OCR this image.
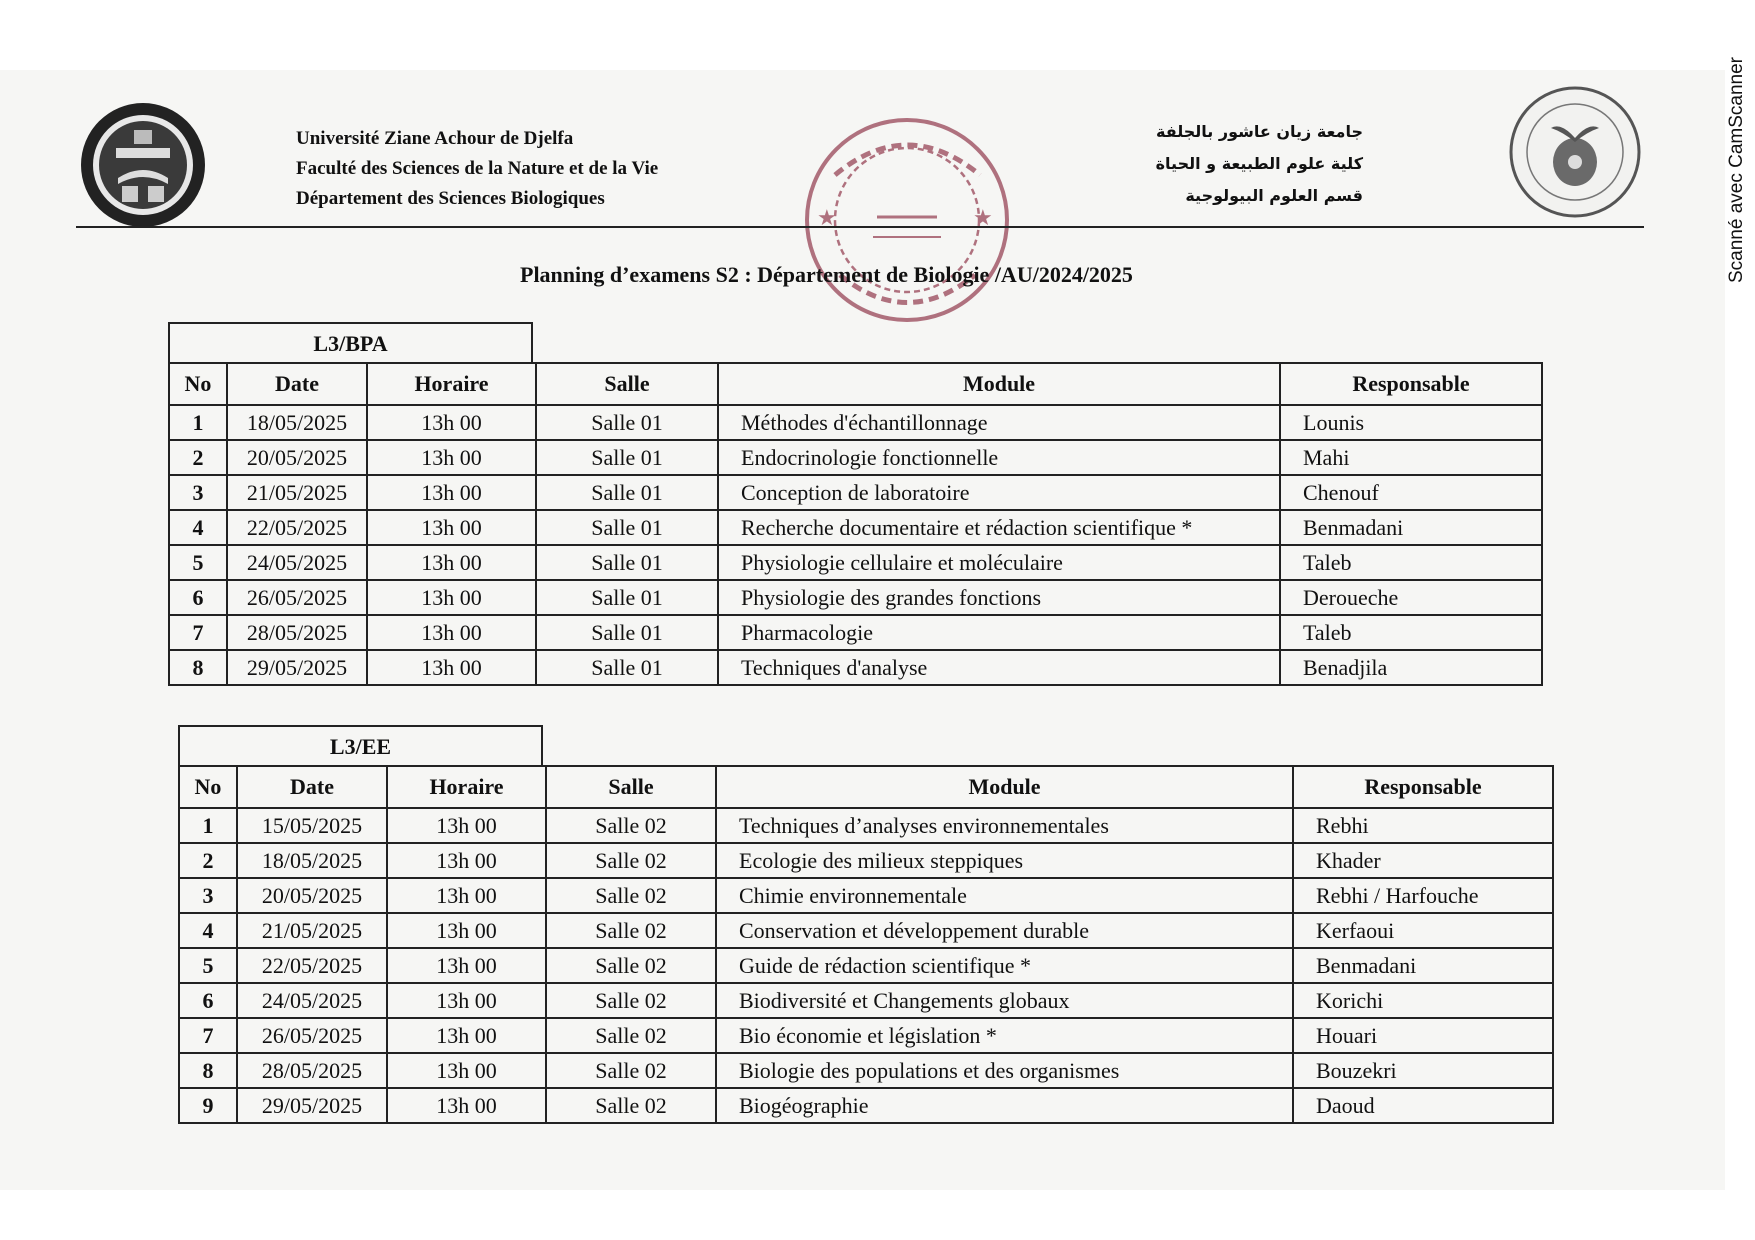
Scanné avec CamScanner
Université Ziane Achour de Djelfa
Faculté des Sciences de la Nature et de la Vie
Département des Sciences Biologiques
★	★
جامعة زيان عاشور بالجلفة
كلية علوم الطبيعة و الحياة
قسم العلوم البيولوجية
Planning d’examens S2 : Département de Biologie /AU/2024/2025
L3/BPA
No	Date	Horaire	Salle	Module	Responsable
1	18/05/2025	13h 00	Salle 01	Méthodes d'échantillonnage	Lounis
2	20/05/2025	13h 00	Salle 01	Endocrinologie fonctionnelle	Mahi
3	21/05/2025	13h 00	Salle 01	Conception de laboratoire	Chenouf
4	22/05/2025	13h 00	Salle 01	Recherche documentaire et rédaction scientifique *	Benmadani
5	24/05/2025	13h 00	Salle 01	Physiologie cellulaire et moléculaire	Taleb
6	26/05/2025	13h 00	Salle 01	Physiologie des grandes fonctions	Deroueche
7	28/05/2025	13h 00	Salle 01	Pharmacologie	Taleb
8	29/05/2025	13h 00	Salle 01	Techniques d'analyse	Benadjila
L3/EE
No	Date	Horaire	Salle	Module	Responsable
1	15/05/2025	13h 00	Salle 02	Techniques d’analyses environnementales	Rebhi
2	18/05/2025	13h 00	Salle 02	Ecologie des milieux steppiques	Khader
3	20/05/2025	13h 00	Salle 02	Chimie environnementale	Rebhi / Harfouche
4	21/05/2025	13h 00	Salle 02	Conservation et développement durable	Kerfaoui
5	22/05/2025	13h 00	Salle 02	Guide de rédaction scientifique *	Benmadani
6	24/05/2025	13h 00	Salle 02	Biodiversité et Changements globaux	Korichi
7	26/05/2025	13h 00	Salle 02	Bio économie et législation *	Houari
8	28/05/2025	13h 00	Salle 02	Biologie des populations et des organismes	Bouzekri
9	29/05/2025	13h 00	Salle 02	Biogéographie	Daoud
